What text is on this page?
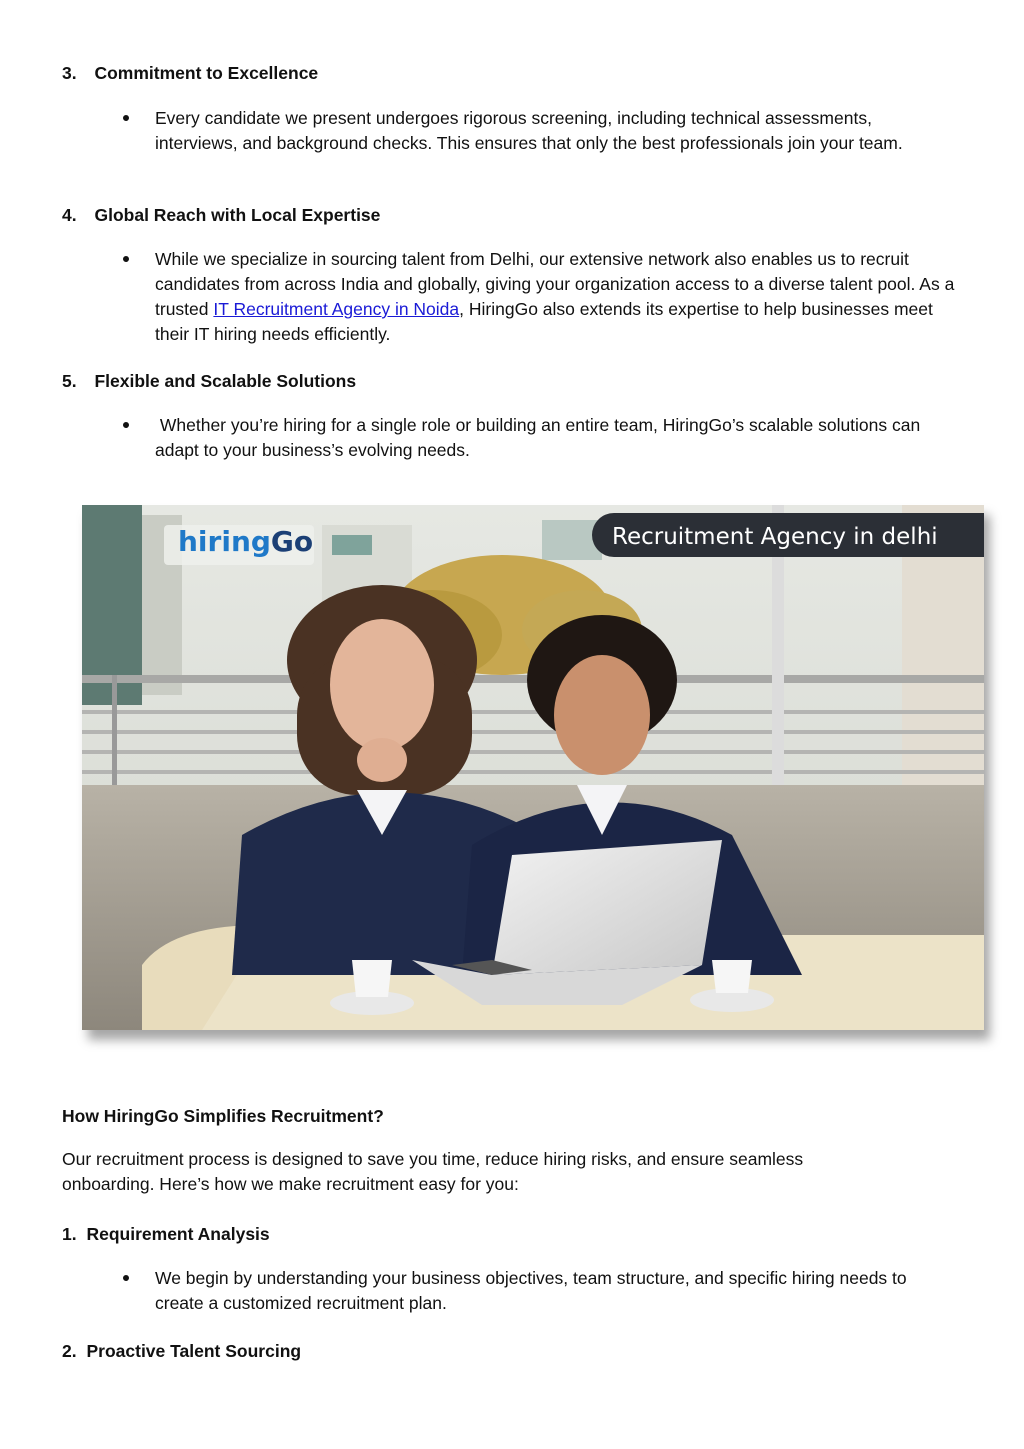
3. Commitment to Excellence
Every candidate we present undergoes rigorous screening, including technical assessments, interviews, and background checks. This ensures that only the best professionals join your team.
4. Global Reach with Local Expertise
While we specialize in sourcing talent from Delhi, our extensive network also enables us to recruit candidates from across India and globally, giving your organization access to a diverse talent pool. As a trusted IT Recruitment Agency in Noida, HiringGo also extends its expertise to help businesses meet their IT hiring needs efficiently.
5. Flexible and Scalable Solutions
Whether you’re hiring for a single role or building an entire team, HiringGo’s scalable solutions can adapt to your business’s evolving needs.
hiringGo	Recruitment Agency in delhi
How HiringGo Simplifies Recruitment?
Our recruitment process is designed to save you time, reduce hiring risks, and ensure seamless onboarding. Here’s how we make recruitment easy for you:
1. Requirement Analysis
We begin by understanding your business objectives, team structure, and specific hiring needs to create a customized recruitment plan.
2. Proactive Talent Sourcing
